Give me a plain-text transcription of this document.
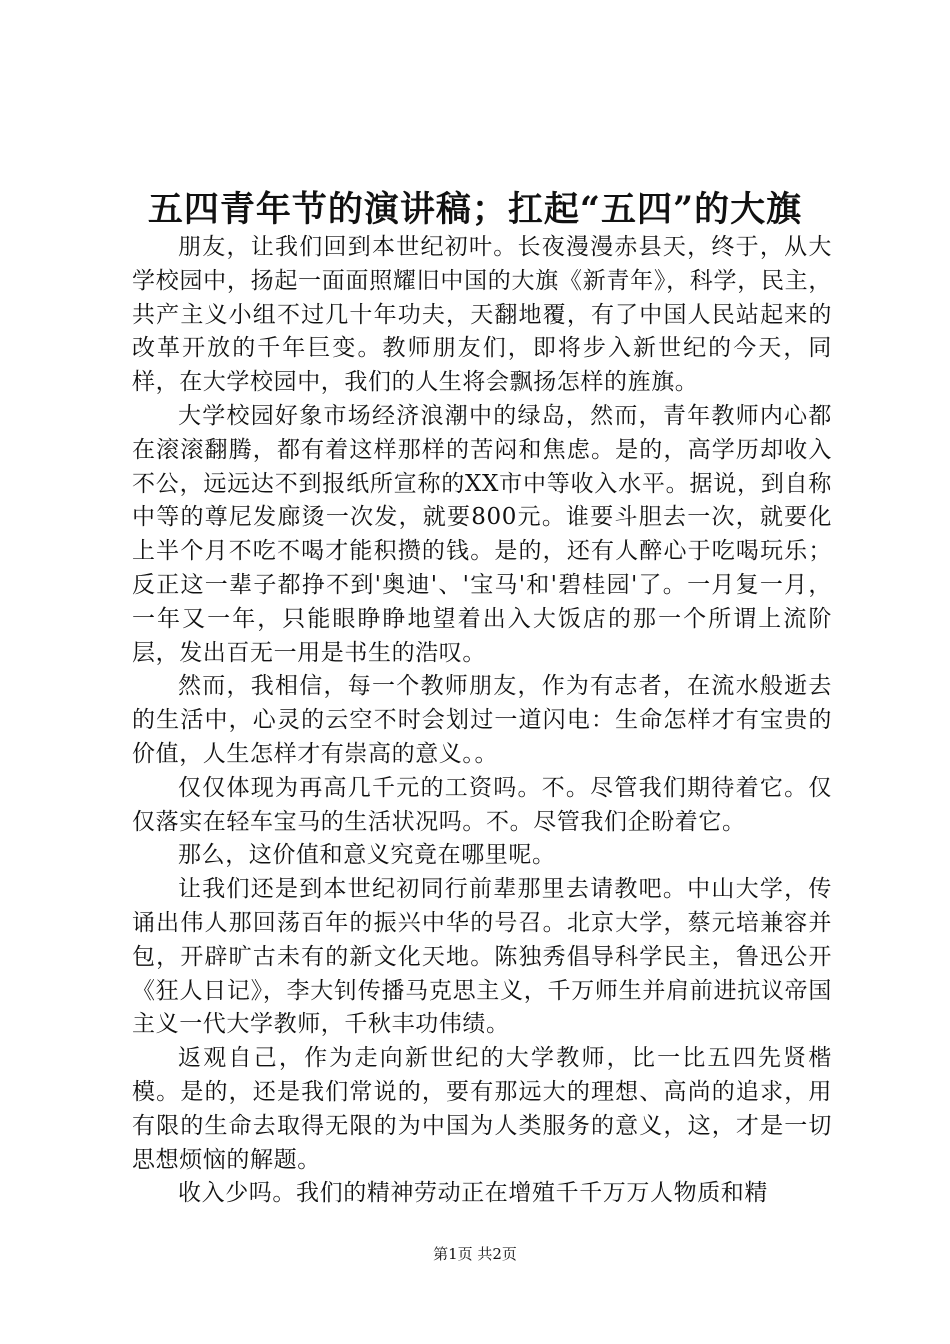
五四青年节的演讲稿；扛起“五四”的大旗

朋友，让我们回到本世纪初叶。长夜漫漫赤县天，终于，从大学校园中，扬起一面面照耀旧中国的大旗《新青年》，科学，民主，共产主义小组不过几十年功夫，天翻地覆，有了中国人民站起来的改革开放的千年巨变。教师朋友们，即将步入新世纪的今天，同样，在大学校园中，我们的人生将会飘扬怎样的旌旗。

大学校园好象市场经济浪潮中的绿岛，然而，青年教师内心都在滚滚翻腾，都有着这样那样的苦闷和焦虑。是的，高学历却收入不公，远远达不到报纸所宣称的XX市中等收入水平。据说，到自称中等的尊尼发廊烫一次发，就要800元。谁要斗胆去一次，就要化上半个月不吃不喝才能积攒的钱。是的，还有人醉心于吃喝玩乐；反正这一辈子都挣不到'奥迪'、'宝马'和'碧桂园'了。一月复一月，一年又一年，只能眼睁睁地望着出入大饭店的那一个所谓上流阶层，发出百无一用是书生的浩叹。

然而，我相信，每一个教师朋友，作为有志者，在流水般逝去的生活中，心灵的云空不时会划过一道闪电：生命怎样才有宝贵的价值，人生怎样才有崇高的意义。。

仅仅体现为再高几千元的工资吗。不。尽管我们期待着它。仅仅落实在轻车宝马的生活状况吗。不。尽管我们企盼着它。

那么，这价值和意义究竟在哪里呢。

让我们还是到本世纪初同行前辈那里去请教吧。中山大学，传诵出伟人那回荡百年的振兴中华的号召。北京大学，蔡元培兼容并包，开辟旷古未有的新文化天地。陈独秀倡导科学民主，鲁迅公开《狂人日记》，李大钊传播马克思主义，千万师生并肩前进抗议帝国主义一代大学教师，千秋丰功伟绩。

返观自己，作为走向新世纪的大学教师，比一比五四先贤楷模。是的，还是我们常说的，要有那远大的理想、高尚的追求，用有限的生命去取得无限的为中国为人类服务的意义，这，才是一切思想烦恼的解题。

收入少吗。我们的精神劳动正在增殖千千万万人物质和精

第1页 共2页
